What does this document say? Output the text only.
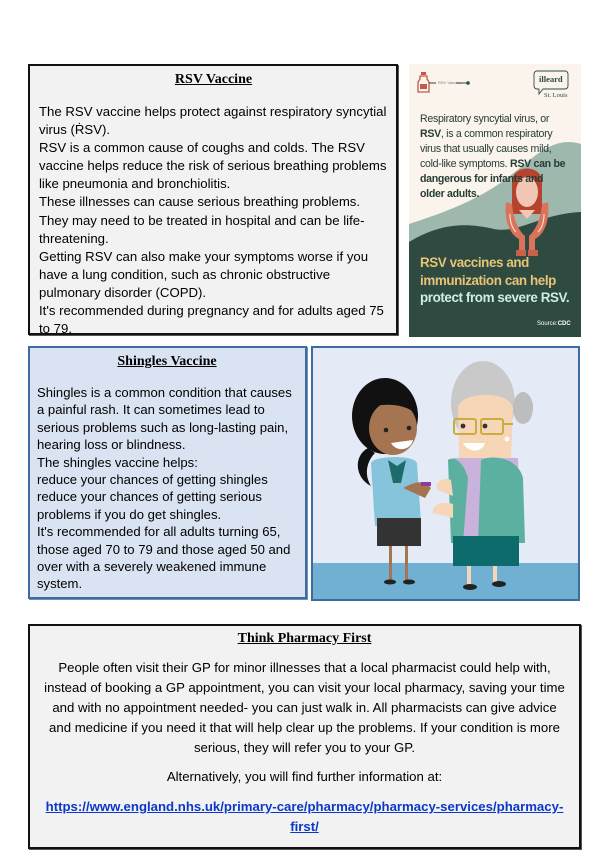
RSV Vaccine

The RSV vaccine helps protect against respiratory syncytial virus (ṘSV).

RSV is a common cause of coughs and colds. The RSV vaccine helps reduce the risk of serious breathing problems like pneumonia and bronchiolitis.

These illnesses can cause serious breathing problems. They may need to be treated in hospital and can be life-threatening.

Getting RSV can also make your symptoms worse if you have a lung condition, such as chronic obstructive pulmonary disorder (COPD).

It's recommended during pregnancy and for adults aged 75 to 79.

RSV Vaccine	illeard
St. Louis
Respiratory syncytial virus, or RSV, is a common respiratory virus that usually causes mild, cold-like symptoms. RSV can be dangerous for infants and older adults.
RSV vaccines and immunization can help protect from severe RSV.
Source:CDC
Shingles Vaccine

Shingles is a common condition that causes a painful rash. It can sometimes lead to serious problems such as long-lasting pain, hearing loss or blindness.

The shingles vaccine helps:

reduce your chances of getting shingles

reduce your chances of getting serious problems if you do get shingles.

It's recommended for all adults turning 65, those aged 70 to 79 and those aged 50 and over with a severely weakened immune system.

Think Pharmacy First
People often visit their GP for minor illnesses that a local pharmacist could help with, instead of booking a GP appointment, you can visit your local pharmacy, saving your time and with no appointment needed- you can just walk in. All pharmacists can give advice and medicine if you need it that will help clear up the problems. If your condition is more serious, they will refer you to your GP.
Alternatively, you will find further information at:
https://www.england.nhs.uk/primary-care/pharmacy/pharmacy-services/pharmacy-first/
